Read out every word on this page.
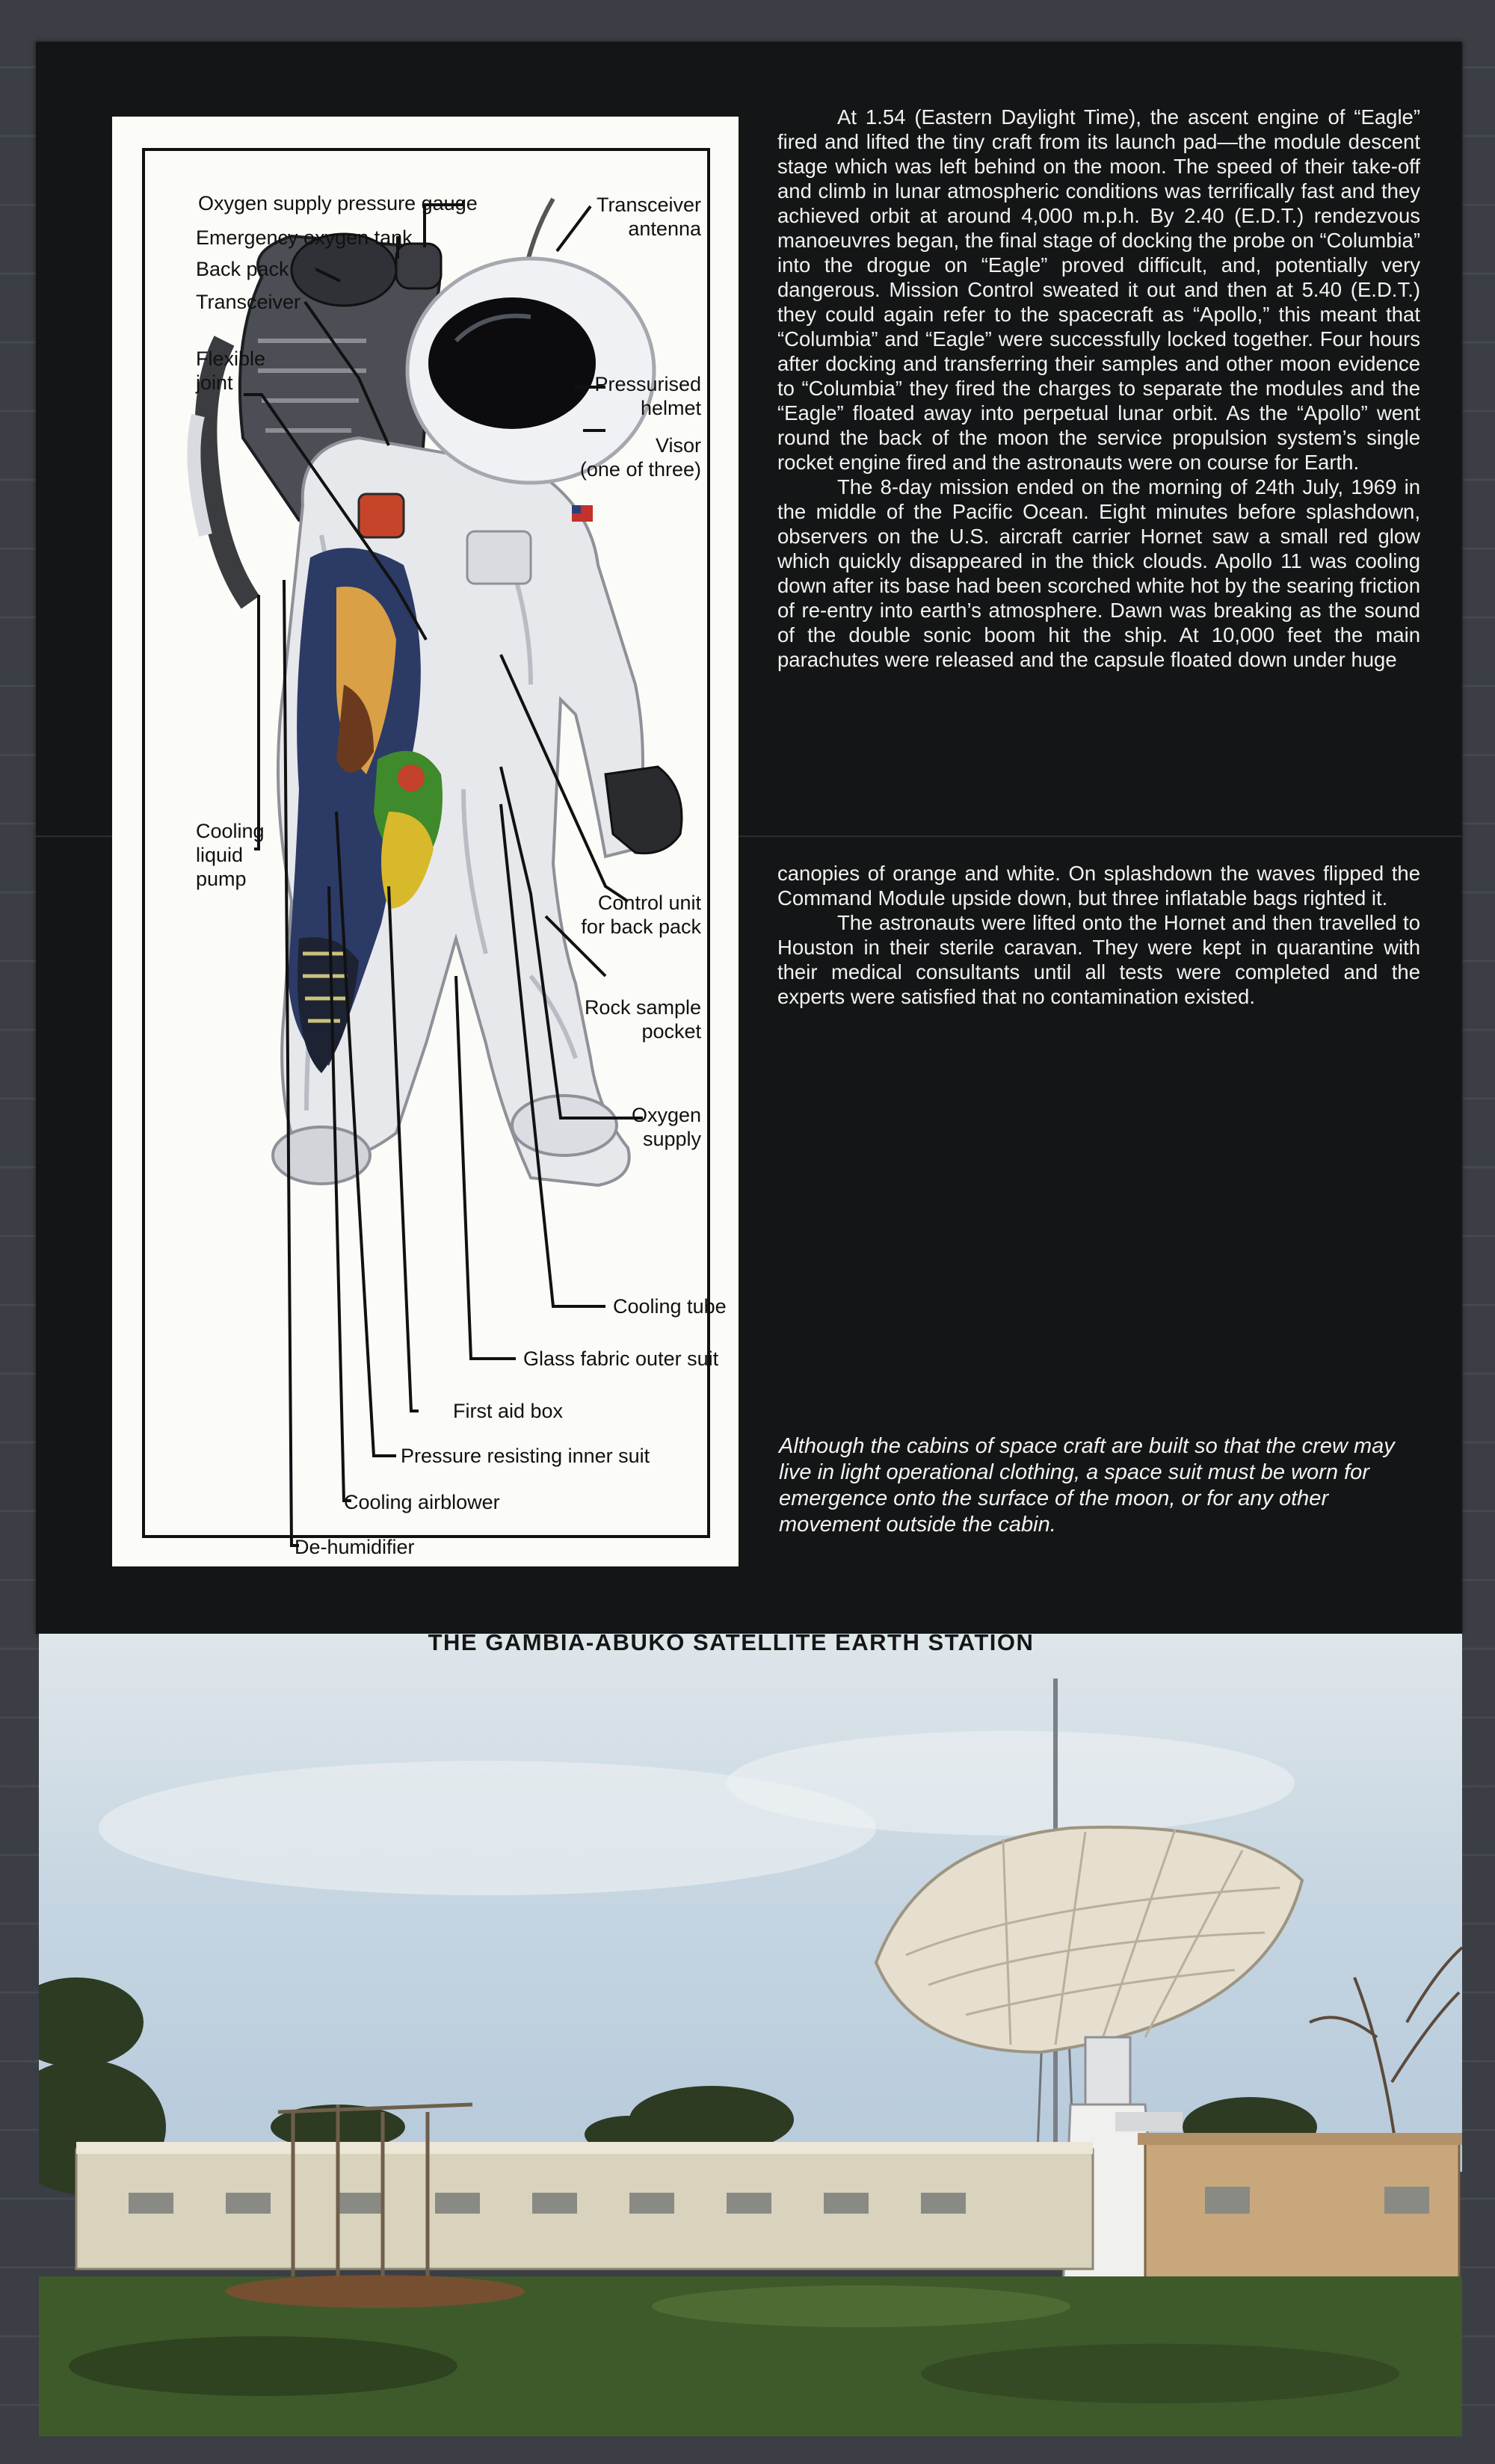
Oxygen supply pressure gauge
Emergency oxygen tank
Back pack
Transceiver
Flexible
joint
Transceiver
antenna
Pressurised
helmet
Visor
(one of three)
Cooling
liquid
pump
Control unit
for back pack
Rock sample
pocket
Oxygen
supply
Cooling tube
Glass fabric outer suit
First aid box
Pressure resisting inner suit
Cooling airblower
De-humidifier

At 1.54 (Eastern Daylight Time), the ascent engine of “Eagle” fired and lifted the tiny craft from its launch pad—the module descent stage which was left behind on the moon. The speed of their take-off and climb in lunar atmospheric conditions was terrifically fast and they achieved orbit at around 4,000 m.p.h. By 2.40 (E.D.T.) rendezvous manoeuvres began, the final stage of docking the probe on “Columbia” into the drogue on “Eagle” proved difficult, and, potentially very dangerous. Mission Control sweated it out and then at 5.40 (E.D.T.) they could again refer to the spacecraft as “Apollo,” this meant that “Columbia” and “Eagle” were successfully locked together. Four hours after docking and transferring their samples and other moon evidence to “Columbia” they fired the charges to separate the modules and the “Eagle” floated away into perpetual lunar orbit. As the “Apollo” went round the back of the moon the service propulsion system’s single rocket engine fired and the astronauts were on course for Earth.

The 8-day mission ended on the morning of 24th July, 1969 in the middle of the Pacific Ocean. Eight minutes before splashdown, observers on the U.S. aircraft carrier Hornet saw a small red glow which quickly disappeared in the thick clouds. Apollo 11 was cooling down after its base had been scorched white hot by the searing friction of re-entry into earth’s atmosphere. Dawn was breaking as the sound of the double sonic boom hit the ship. At 10,000 feet the main parachutes were released and the capsule floated down under huge

canopies of orange and white. On splashdown the waves flipped the Command Module upside down, but three inflatable bags righted it.

The astronauts were lifted onto the Hornet and then travelled to Houston in their sterile caravan. They were kept in quarantine with their medical consultants until all tests were completed and the experts were satisfied that no contamination existed.

Although the cabins of space craft are built so that the crew may live in light operational clothing, a space suit must be worn for emergence onto the surface of the moon, or for any other movement outside the cabin.
THE GAMBIA-ABUKO SATELLITE EARTH STATION
